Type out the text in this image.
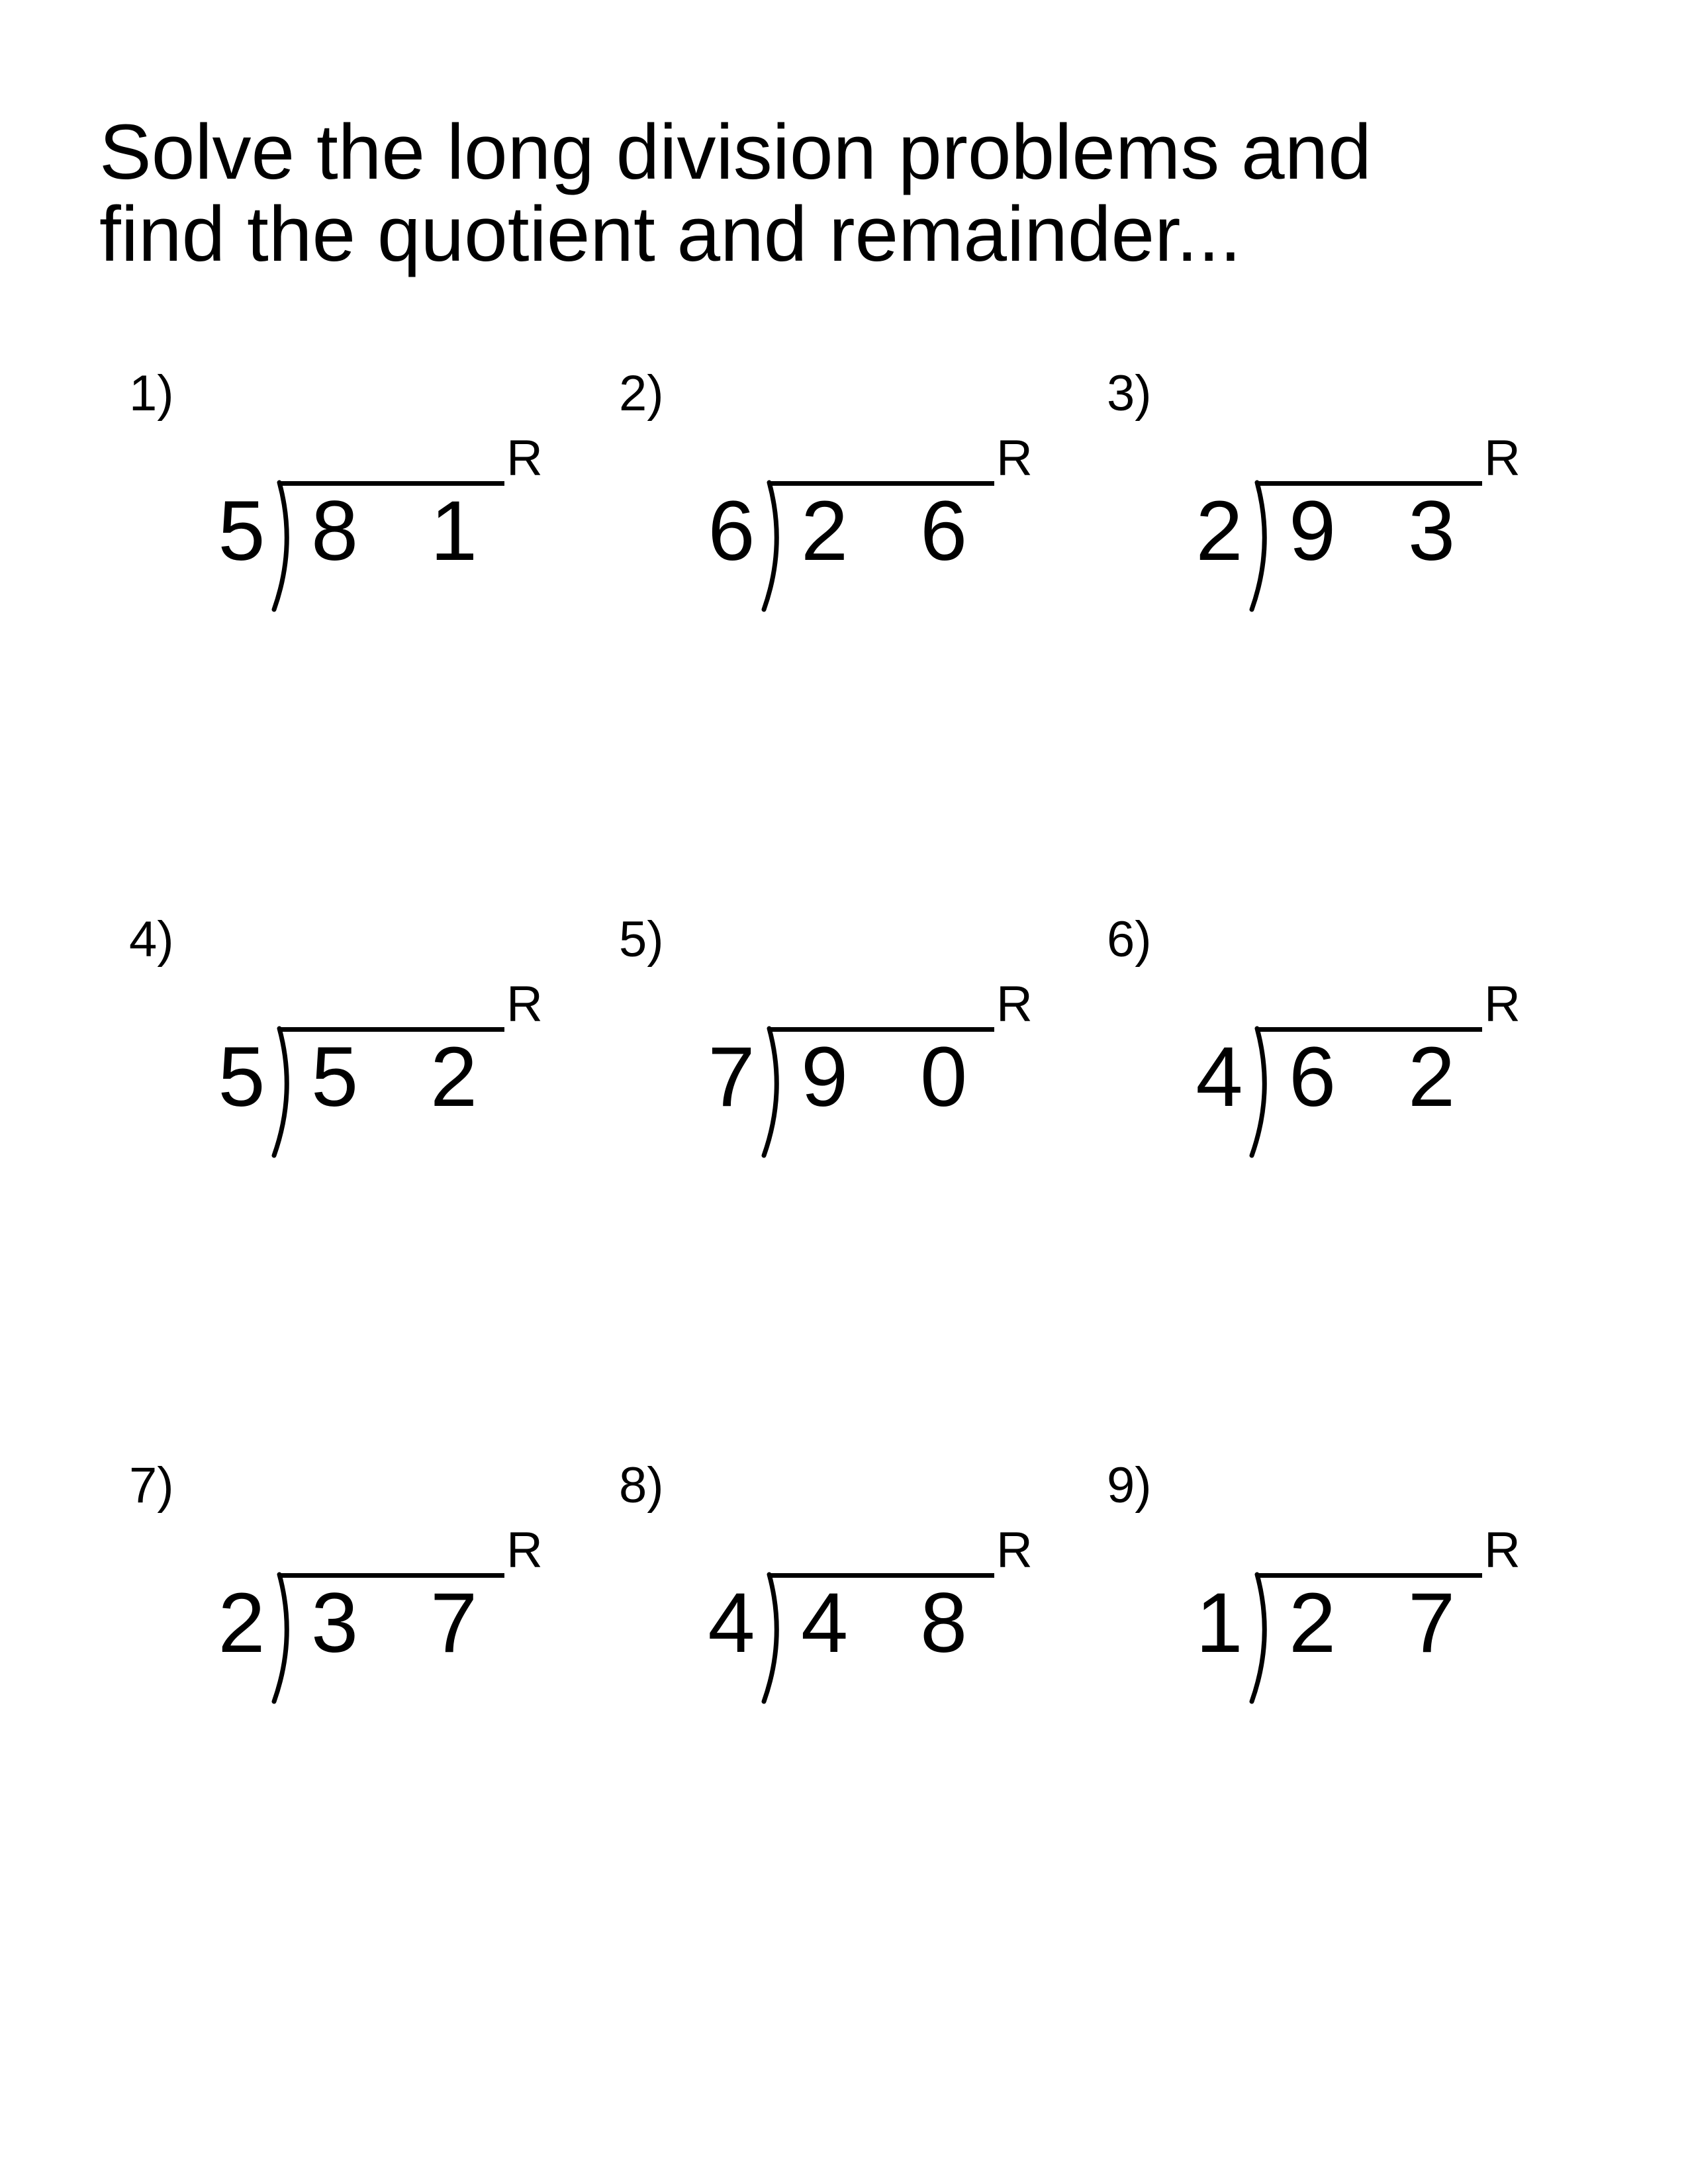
Solve the long division problems and
find the quotient and remainder...
1)
R
5 8 1
2)
R
6 2 6
3)
R
2 9 3
4)
R
5 5 2
5)
R
7 9 0
6)
R
4 6 2
7)
R
2 3 7
8)
R
4 4 8
9)
R
1 2 7
